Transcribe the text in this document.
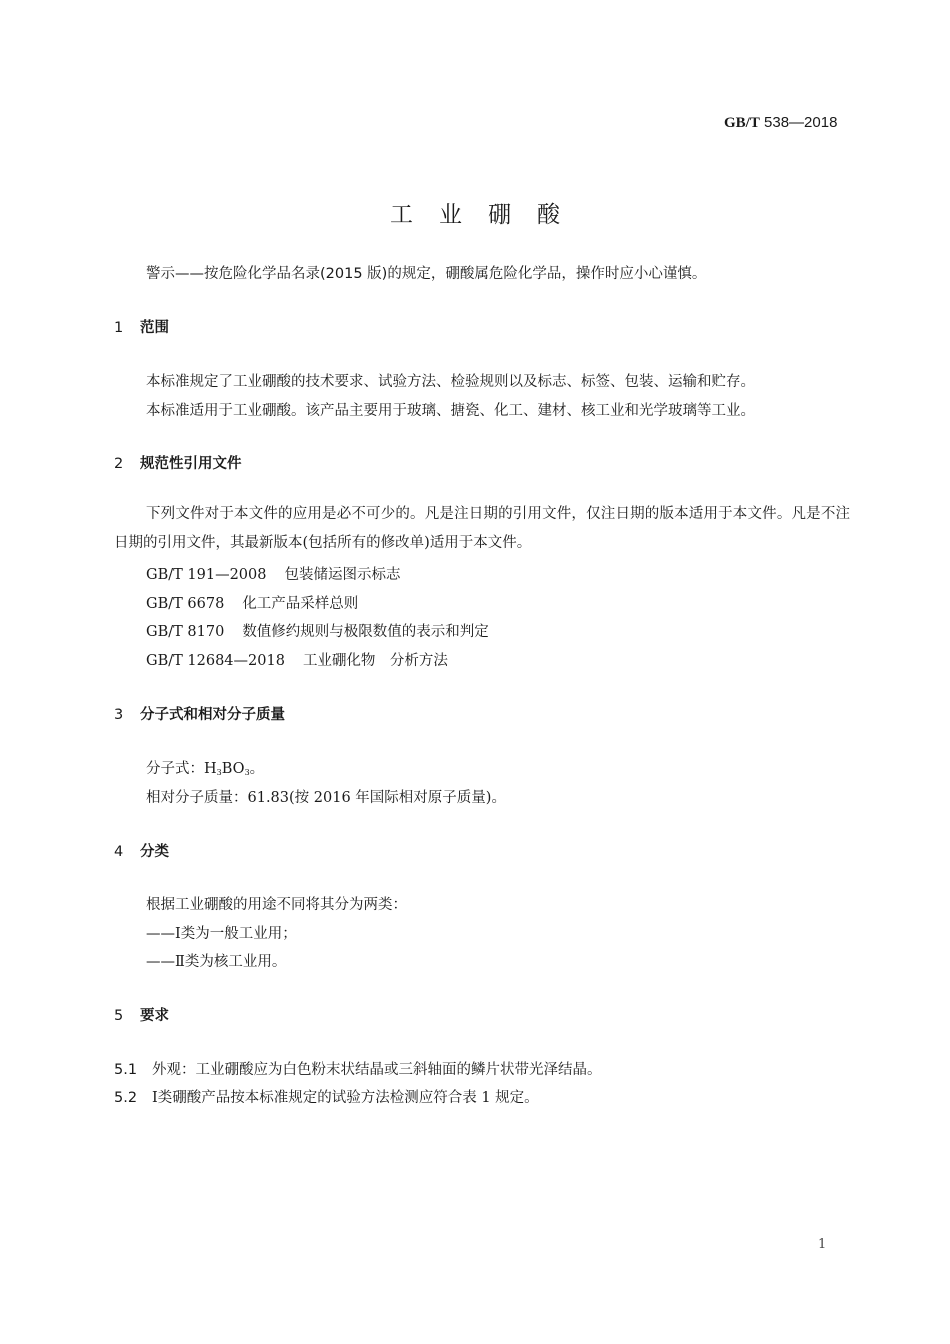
GB/T 538—2018
工业硼酸
警示——按危险化学品名录(2015 版)的规定，硼酸属危险化学品，操作时应小心谨慎。
1 范围
本标准规定了工业硼酸的技术要求、试验方法、检验规则以及标志、标签、包装、运输和贮存。
本标准适用于工业硼酸。该产品主要用于玻璃、搪瓷、化工、建材、核工业和光学玻璃等工业。
2 规范性引用文件
下列文件对于本文件的应用是必不可少的。凡是注日期的引用文件，仅注日期的版本适用于本文件。凡是不注日期的引用文件，其最新版本(包括所有的修改单)适用于本文件。
GB/T 191—2008 包装储运图示标志
GB/T 6678 化工产品采样总则
GB/T 8170 数值修约规则与极限数值的表示和判定
GB/T 12684—2018 工业硼化物　分析方法
3 分子式和相对分子质量
分子式：$H_3BO_3$。
相对分子质量：61.83(按 2016 年国际相对原子质量)。
4 分类
根据工业硼酸的用途不同将其分为两类：
——Ⅰ类为一般工业用；
——Ⅱ类为核工业用。
5 要求
5.1 外观：工业硼酸应为白色粉末状结晶或三斜轴面的鳞片状带光泽结晶。
5.2 Ⅰ类硼酸产品按本标准规定的试验方法检测应符合表 1 规定。
1
